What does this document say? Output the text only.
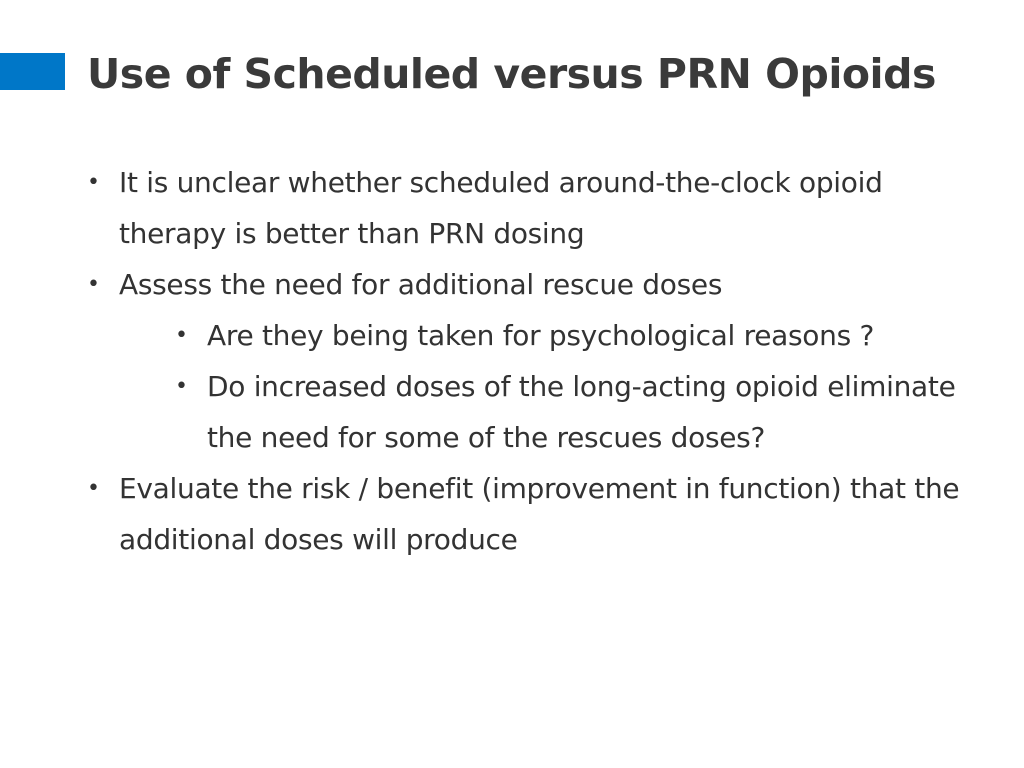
Use of Scheduled versus PRN Opioids
• It is unclear whether scheduled around-the-clock opioid therapy is better than PRN dosing
• Assess the need for additional rescue doses
• Are they being taken for psychological reasons ?
• Do increased doses of the long-acting opioid eliminate the need for some of the rescues doses?
• Evaluate the risk / benefit (improvement in function) that the additional doses will produce
